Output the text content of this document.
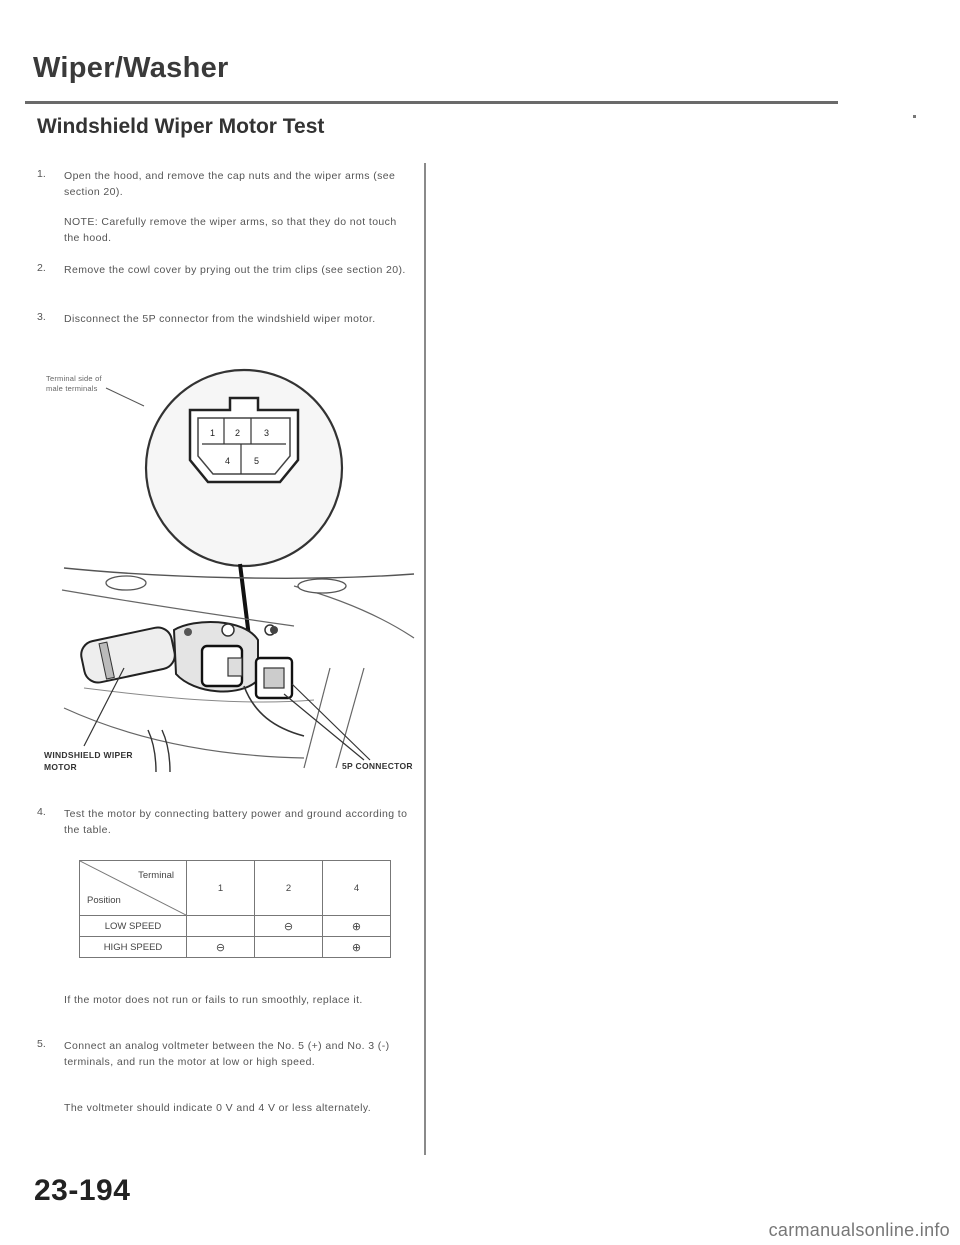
Wiper/Washer
Windshield Wiper Motor Test
1. Open the hood, and remove the cap nuts and the wiper arms (see section 20).
NOTE: Carefully remove the wiper arms, so that they do not touch the hood.
2. Remove the cowl cover by prying out the trim clips (see section 20).
3. Disconnect the 5P connector from the windshield wiper motor.
1 2	3
4	5
Terminal side of
male terminals
WINDSHIELD WIPER
MOTOR	5P CONNECTOR
4. Test the motor by connecting battery power and ground according to the table.
Terminal
Position	1	2	4
LOW SPEED		⊖	⊕
HIGH SPEED	⊖		⊕
If the motor does not run or fails to run smoothly, replace it.
5. Connect an analog voltmeter between the No. 5 (+) and No. 3 (-) terminals, and run the motor at low or high speed.
The voltmeter should indicate 0 V and 4 V or less alternately.
23-194
carmanualsonline.info
